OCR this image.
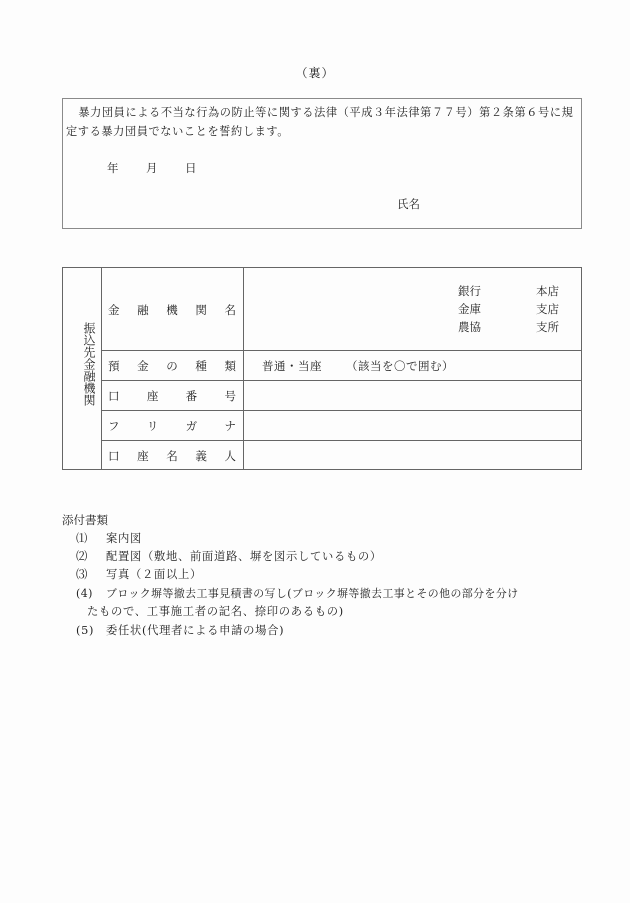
（裏）
暴力団員による不当な行為の防止等に関する法律（平成３年法律第７７号）第２条第６号に規定する暴力団員でないことを誓約します。
年 月 日
氏名
振込先金融機関
金 融 機 関 名
預 金 の 種 類
口 座 番 号
フ リ ガ ナ
口 座 名 義 人
銀行
金庫
農協
本店
支店
支所
普通・当座 （該当を〇で囲む）
添付書類
⑴ 案内図
⑵ 配置図（敷地、前面道路、塀を図示しているもの）
⑶ 写真（２面以上）
(4) ブロック塀等撤去工事見積書の写し(ブロック塀等撤去工事とその他の部分を分け
たもので、工事施工者の記名、捺印のあるもの)
(5) 委任状(代理者による申請の場合)
